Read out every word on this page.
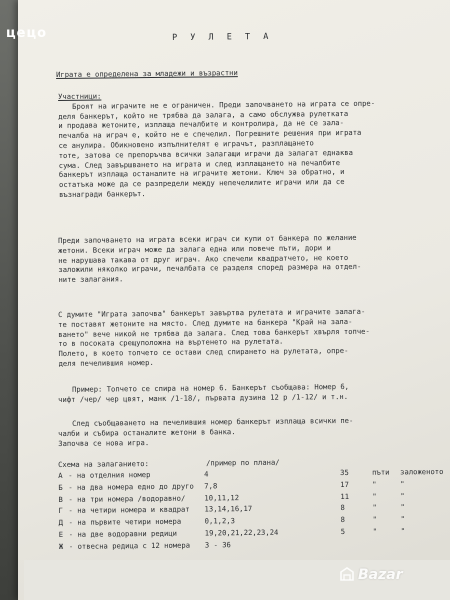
цецо	Р У Л Е Т А
Играта е определена за младежи и възрастни
Участници:
Броят на играчите не е ограничен. Преди започването на играта се опре-
деля банкерът, който не трябва да залага, а само обслужва рулетката
и продава жетоните, изплаща печалбите и контролира, да не се зала-
печалба на играч е, който не е спечелил. Погрешните решения при играта
се анулира. Обикновено изпълнителят е играчът, разплащането
тоте, затова се препоръчва всички залагащи играчи да залагат еднаква
сума. След завършването на играта и след изплащането на печалбите
банкерът изплаща останалите на играчите жетони. Ключ за обратно, и
остатъка може да се разпредели между непечелилите играчи или да се
възнагради банкерът.
Преди започването на играта всеки играч си купи от банкера по желание
жетони. Всеки играч може да залага една или повече пъти, дори и
не нарушава такава от друг играч. Ако спечели квадратчето, не което
заложили няколко играчи, печалбата се разделя според размера на отдел-
ните залагания.
С думите "Играта започва" банкерът завъртва рулетата и играчите залага-
те поставят жетоните на място. След думите на банкера "Край на зала-
ването" вече никой не трябва да залага. След това банкерът хвърля топче-
то в посоката срещуположна на въртенето на рулетата.
Полето, в което топчето се остави след спирането на рулетата, опре-
деля печелившия номер.
Пример: Топчето се спира на номер 6. Банкерът съобщава: Номер 6,
чифт /чер/ чер цвят, манк /1-18/, първата дузина 12 р /1-12/ и т.н.
След съобщаването на печелившия номер банкерът изплаща всички пе-
чалби и събира останалите жетони в банка.
Започва се нова игра.
Схема на залаганието:	/пример по плана/
А - на отделния номер	4	35	пъти заложеното
Б - на два номера едно до друго 7,8	17	"	"
В - на три номера /водоравно/	10,11,12	11	"	"
Г - на четири номера и квадрат 13,14,16,17	8	"	"
Д - на първите четири номера	0,1,2,3	8	"	"
Е - на две водоравни редици	19,20,21,22,23,24	5	"	"
Ж - отвесна редица с 12 номера 3 - 36
Bazar
